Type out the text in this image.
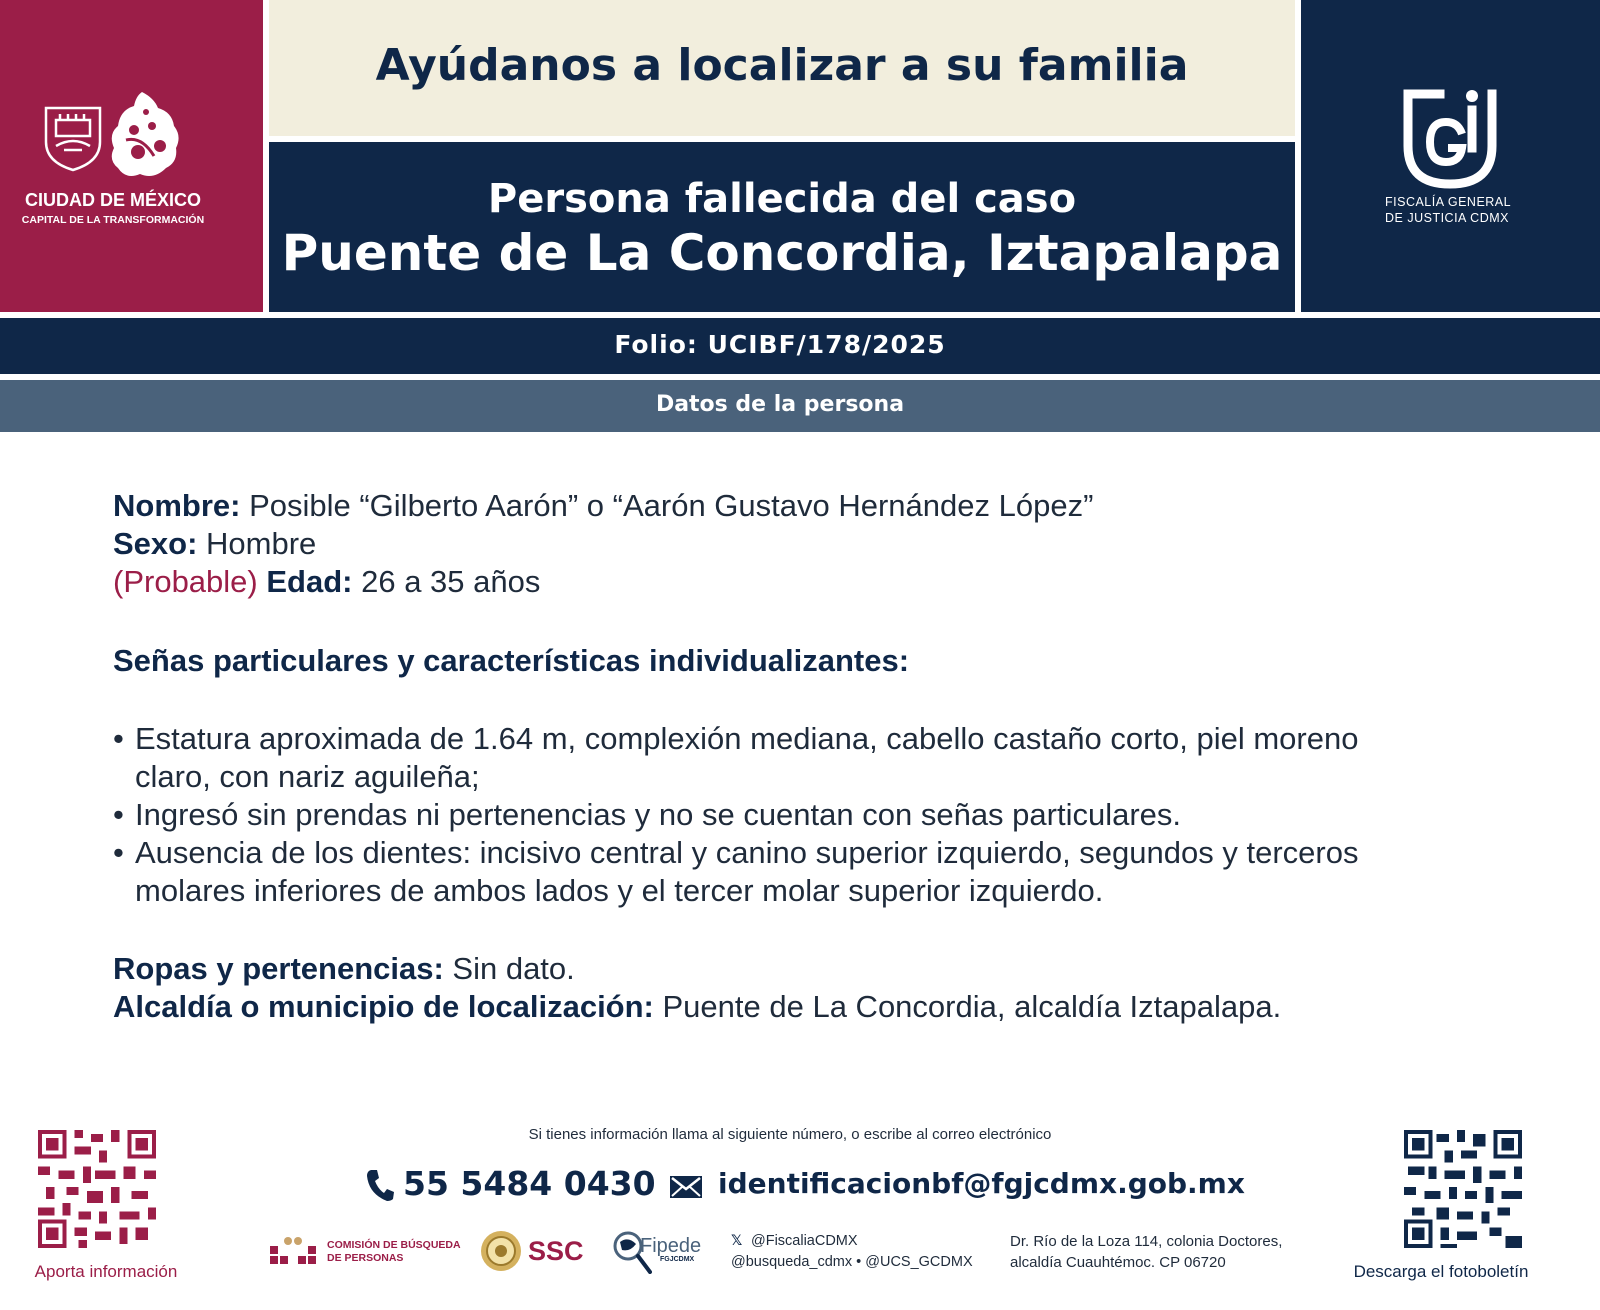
Ayúdanos a localizar a su familia
Persona fallecida del caso
Puente de La Concordia, Iztapalapa
Folio: UCIBF/178/2025
Datos de la persona
CIUDAD DE MÉXICO
CAPITAL DE LA TRANSFORMACIÓN
FISCALÍA GENERAL
DE JUSTICIA CDMX
Nombre: Posible “Gilberto Aarón” o “Aarón Gustavo Hernández López”
Sexo: Hombre
(Probable) Edad: 26 a 35 años
Señas particulares y características individualizantes:
• Estatura aproximada de 1.64 m, complexión mediana, cabello castaño corto, piel moreno claro, con nariz aguileña;
• Ingresó sin prendas ni pertenencias y no se cuentan con señas particulares.
• Ausencia de los dientes: incisivo central y canino superior izquierdo, segundos y terceros molares inferiores de ambos lados y el tercer molar superior izquierdo.
Ropas y pertenencias: Sin dato.
Alcaldía o municipio de localización: Puente de La Concordia, alcaldía Iztapalapa.
Aporta información	Descarga el fotoboletín
Si tienes información llama al siguiente número, o escribe al correo electrónico
55 5484 0430 identificacionbf@fgjcdmx.gob.mx
COMISIÓN DE BÚSQUEDA
DE PERSONAS	SSC	Fipede
FGJCDMX
𝕏 @FiscaliaCDMX
@busqueda_cdmx • @UCS_GCDMX
Dr. Río de la Loza 114, colonia Doctores,
alcaldía Cuauhtémoc. CP 06720
